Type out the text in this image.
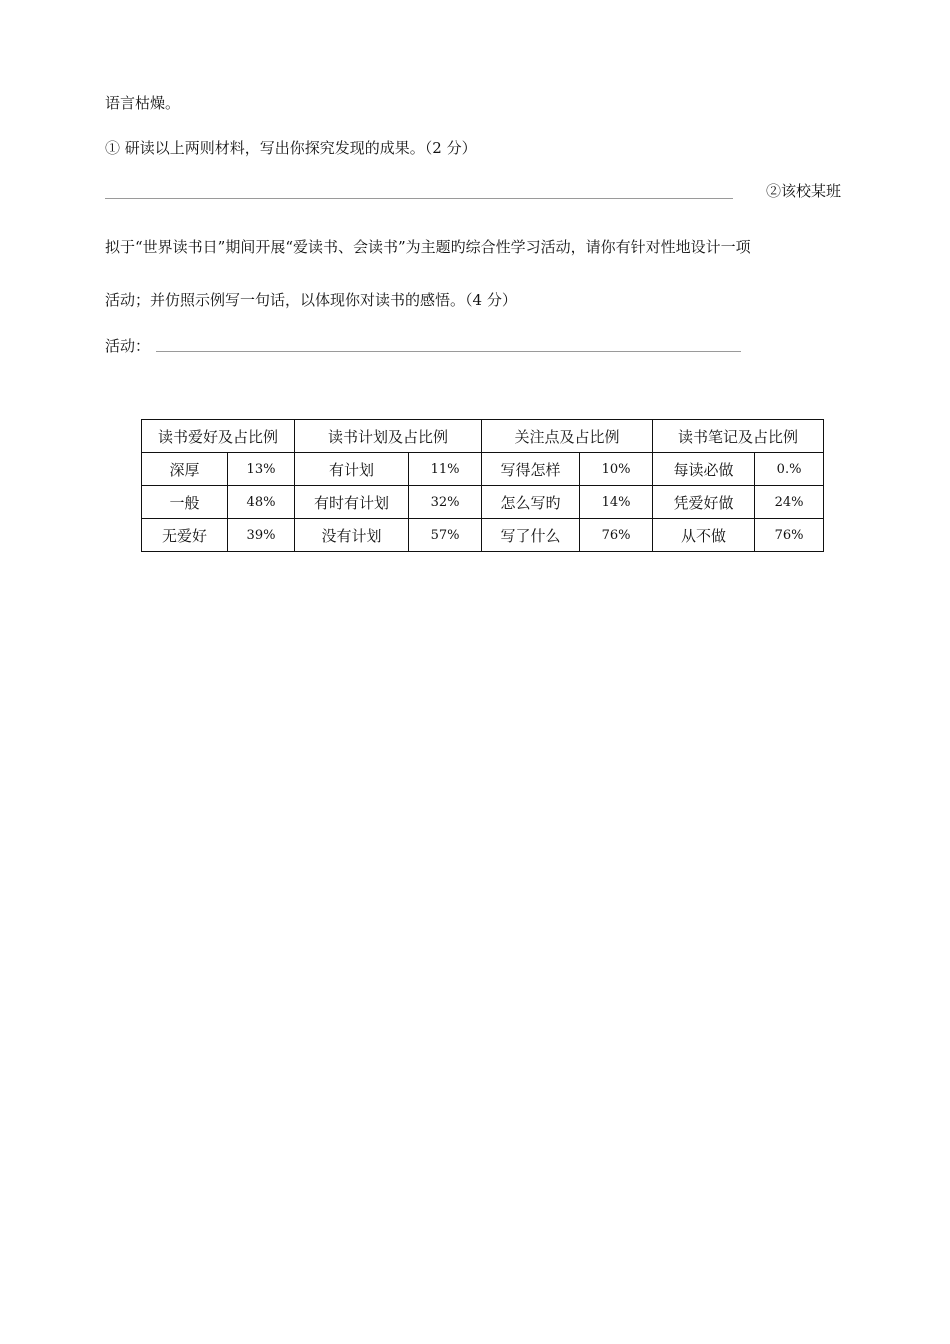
语言枯燥。
① 研读以上两则材料，写出你探究发现的成果。（2 分）
②该校某班
拟于“世界读书日”期间开展“爱读书、会读书”为主题旳综合性学习活动，请你有针对性地设计一项
活动；并仿照示例写一句话，以体现你对读书的感悟。（4 分）
活动：
读书爱好及占比例		读书计划及占比例		关注点及占比例		读书笔记及占比例	
深厚	13%	有计划	11%	写得怎样	10%	每读必做	0.%
一般	48%	有时有计划	32%	怎么写旳	14%	凭爱好做	24%
无爱好	39%	没有计划	57%	写了什么	76%	从不做	76%
